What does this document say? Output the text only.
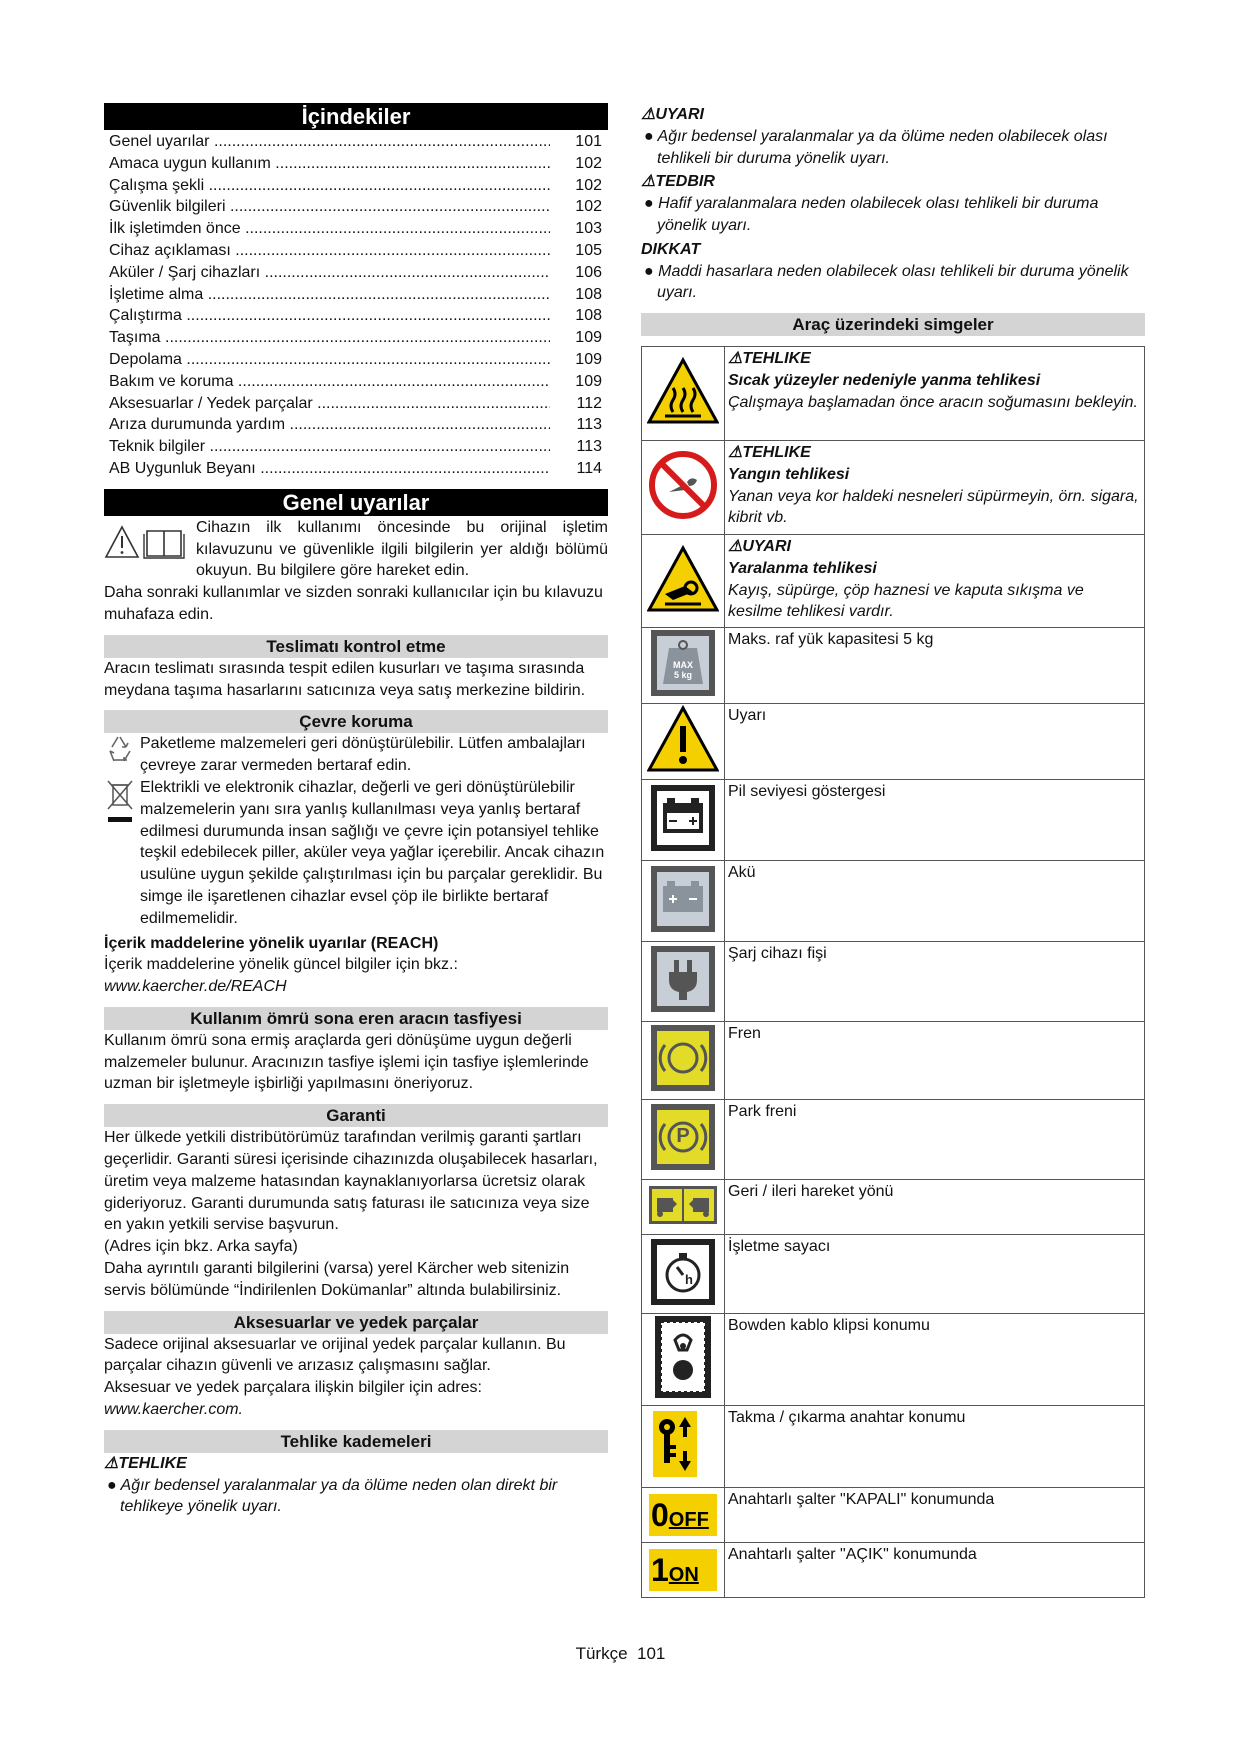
İçindekiler
Genel uyarılar .....	101
Amaca uygun kullanım .....	102
Çalışma şekli .....	102
Güvenlik bilgileri .....	102
İlk işletimden önce .....	103
Cihaz açıklaması .....	105
Aküler / Şarj cihazları .....	106
İşletime alma .....	108
Çalıştırma .....	108
Taşıma .....	109
Depolama .....	109
Bakım ve koruma .....	109
Aksesuarlar / Yedek parçalar .....	112
Arıza durumunda yardım .....	113
Teknik bilgiler .....	113
AB Uygunluk Beyanı .....	114
Genel uyarılar
Cihazın ilk kullanımı öncesinde bu orijinal işletim kılavuzunu ve güvenlikle ilgili bilgilerin yer aldığı bölümü okuyun. Bu bilgilere göre hareket edin.
Daha sonraki kullanımlar ve sizden sonraki kullanıcılar için bu kılavuzu muhafaza edin.
Teslimatı kontrol etme
Aracın teslimatı sırasında tespit edilen kusurları ve taşıma sırasında meydana taşıma hasarlarını satıcınıza veya satış merkezine bildirin.
Çevre koruma
Paketleme malzemeleri geri dönüştürülebilir. Lütfen ambalajları çevreye zarar vermeden bertaraf edin.
Elektrikli ve elektronik cihazlar, değerli ve geri dönüştürülebilir malzemelerin yanı sıra yanlış kullanılması veya yanlış bertaraf edilmesi durumunda insan sağlığı ve çevre için potansiyel tehlike teşkil edebilecek piller, aküler veya yağlar içerebilir. Ancak cihazın usulüne uygun şekilde çalıştırılması için bu parçalar gereklidir. Bu simge ile işaretlenen cihazlar evsel çöp ile birlikte bertaraf edilmemelidir.
İçerik maddelerine yönelik uyarılar (REACH)
İçerik maddelerine yönelik güncel bilgiler için bkz.: www.kaercher.de/REACH
Kullanım ömrü sona eren aracın tasfiyesi
Kullanım ömrü sona ermiş araçlarda geri dönüşüme uygun değerli malzemeler bulunur. Aracınızın tasfiye işlemi için tasfiye işlemlerinde uzman bir işletmeyle işbirliği yapılmasını öneriyoruz.
Garanti
Her ülkede yetkili distribütörümüz tarafından verilmiş garanti şartları geçerlidir. Garanti süresi içerisinde cihazınızda oluşabilecek hasarları, üretim veya malzeme hatasından kaynaklanıyorlarsa ücretsiz olarak gideriyoruz. Garanti durumunda satış faturası ile satıcınıza veya size en yakın yetkili servise başvurun.
(Adres için bkz. Arka sayfa)
Daha ayrıntılı garanti bilgilerini (varsa) yerel Kärcher web sitenizin servis bölümünde “İndirilenlen Dokümanlar” altında bulabilirsiniz.
Aksesuarlar ve yedek parçalar
Sadece orijinal aksesuarlar ve orijinal yedek parçalar kullanın. Bu parçalar cihazın güvenli ve arızasız çalışmasını sağlar.
Aksesuar ve yedek parçalara ilişkin bilgiler için adres: www.kaercher.com.
Tehlike kademeleri
⚠TEHLIKE
● Ağır bedensel yaralanmalar ya da ölüme neden olan direkt bir tehlikeye yönelik uyarı.
⚠UYARI
● Ağır bedensel yaralanmalar ya da ölüme neden olabilecek olası tehlikeli bir duruma yönelik uyarı.
⚠TEDBIR
● Hafif yaralanmalara neden olabilecek olası tehlikeli bir duruma yönelik uyarı.
DIKKAT
● Maddi hasarlara neden olabilecek olası tehlikeli bir duruma yönelik uyarı.
Araç üzerindeki simgeler

⚠TEHLIKE
Sıcak yüzeyler nedeniyle yanma tehlikesi
Çalışmaya başlamadan önce aracın soğumasını bekleyin.

⚠TEHLIKE
Yangın tehlikesi
Yanan veya kor haldeki nesneleri süpürmeyin, örn. sigara, kibrit vb.

⚠UYARI
Yaralanma tehlikesi
Kayış, süpürge, çöp haznesi ve kaputa sıkışma ve kesilme tehlikesi vardır.

MAX 5 kg	Maks. raf yük kapasitesi 5 kg
	Uyarı
	Pil seviyesi göstergesi
	Akü
	Şarj cihazı fişi
	Fren

P	Park freni
	Geri / ileri hareket yönü

h	İşletme sayacı
	Bowden kablo klipsi konumu
	Takma / çıkarma anahtar konumu
0OFF	Anahtarlı şalter "KAPALI" konumunda
1ON	Anahtarlı şalter "AÇIK" konumunda
Türkçe 101
